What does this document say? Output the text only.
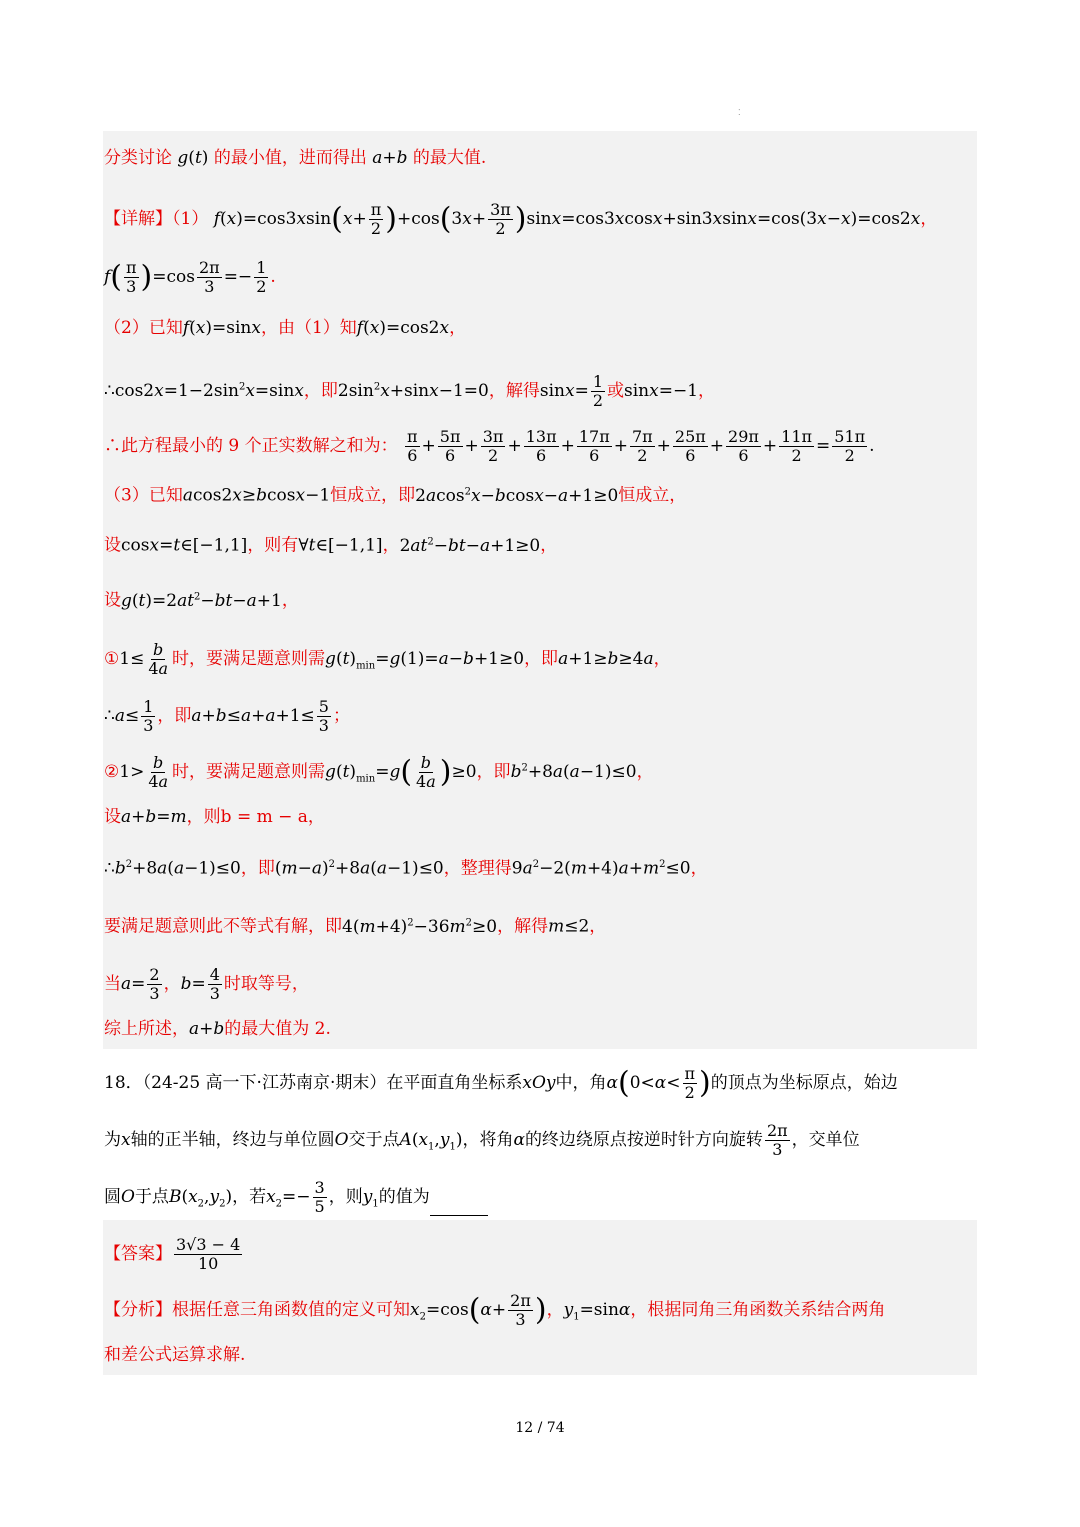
⁚
分类讨论 g(t) 的最小值，进而得出 a+b 的最大值.
【详解】（1） $f(x)=\cos 3xsin(x+ \frac{\pi}{2} )+\cos(3x+ \frac{3\pi}{2} )\sin x=\cos 3xcosx+\sin 3xsinx=\cos(3x-x)=\cos 2x$，
$f( \frac{\pi}{3} )=\cos \frac{2\pi}{3} =- \frac{1}{2}$ .
（2）已知f(x)=sinx，由（1）知f(x)=cos2x，
$\therefore\cos 2x=1-2\sin^2x=\sin x$，即$2\sin^2x+\sin x-1=0$，解得$\sin x= \frac{1}{2}$ 或sinx=−1，
∴此方程最小的 9 个正实数解之和为： $\frac{\pi}{6} + \frac{5\pi}{6} + \frac{3\pi}{2} + \frac{13\pi}{6} + \frac{17\pi}{6} + \frac{7\pi}{2} + \frac{25\pi}{6} + \frac{29\pi}{6} + \frac{11\pi}{2} = \frac{51\pi}{2}$ .
（3）已知acos2x≥bcosx−1恒成立，即2acos$^2$x−bcosx−a+1≥0恒成立，
设cosx=t∈[−1,1]，则有∀t∈[−1,1]，$2at^2-bt-a+1\ge 0$，
设$g(t)=2at^2-bt-a+1$，
①1≤ $\frac{b}{4a}$ 时，要满足题意则需$g(t)_{min}=g(1)=a-b+1\ge 0$，即a+1≥b≥4a，
∴a≤ $\frac{1}{3}$ ，即$a+b\le a+a+1\le \frac{5}{3}$ ；
②1> $\frac{b}{4a}$ 时，要满足题意则需$g(t)_{min}=g( \frac{b}{4a} )\ge 0$，即$b^2+8a(a-1)\le 0$，
设a+b=m，则b = m − a，
$\therefore b^2+8a(a-1)\le 0$，即$(m-a)^2+8a(a-1)\le 0$，整理得$9a^2-2(m+4)a+m^2\le 0$，
要满足题意则此不等式有解，即$4(m+4)^2-36m^2\ge 0$，解得m≤2，
当$a= \frac{2}{3}$ ，$b= \frac{4}{3}$ 时取等号，
综上所述，a+b的最大值为 2.
18．（24-25 高一下·江苏南京·期末）在平面直角坐标系xOy中，角$\alpha(0<\alpha< \frac{\pi}{2}$ )的顶点为坐标原点，始边
为x轴的正半轴，终边与单位圆O交于点$A(x_1,y_1)$，将角α的终边绕原点按逆时针方向旋转 $\frac{2\pi}{3}$ ，交单位
圆O于点$B(x_2,y_2)$，若$x_2=- \frac{3}{5}$ ，则$y_1$的值为
【答案】 $\frac{3√3 - 4}{10}$
【分析】根据任意三角函数值的定义可知$x_2=\cos(\alpha+ \frac{2\pi}{3}$ )，$y_1=\sin\alpha$，根据同角三角函数关系结合两角
和差公式运算求解.
12 / 74
